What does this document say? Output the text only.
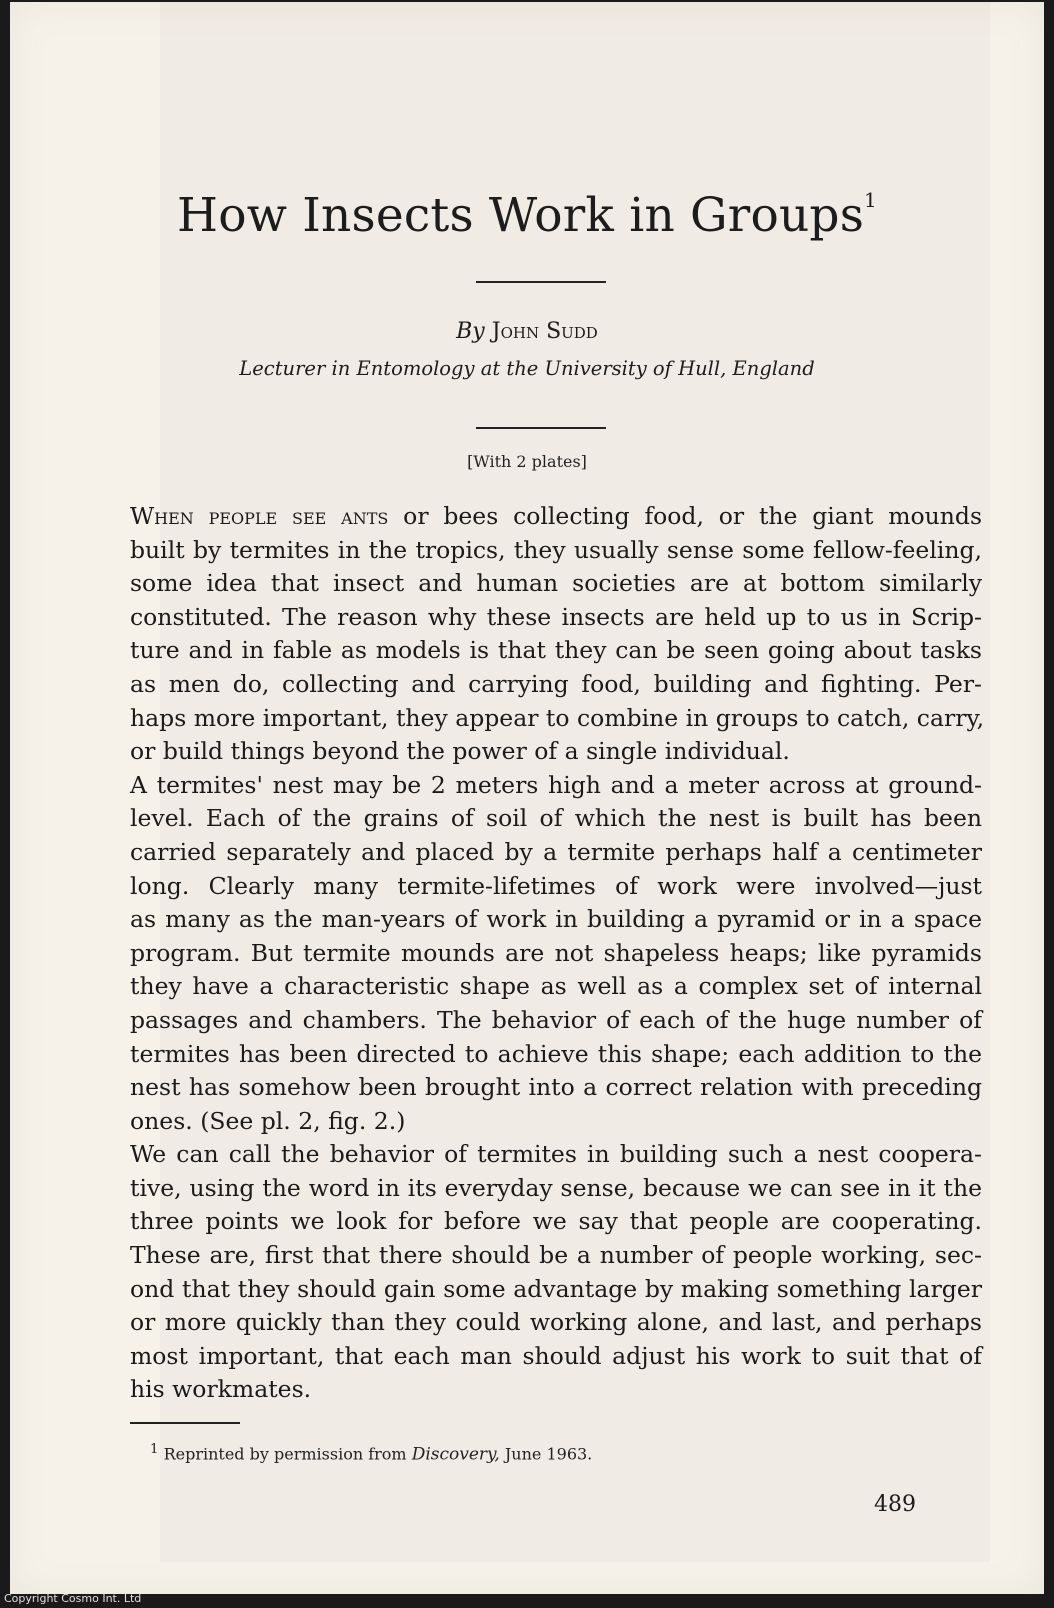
How Insects Work in Groups$^1$
By John Sudd
Lecturer in Entomology at the University of Hull, England
[With 2 plates]

When people see ants or bees collecting food, or the giant mounds
built by termites in the tropics, they usually sense some fellow-feeling,
some idea that insect and human societies are at bottom similarly
constituted. The reason why these insects are held up to us in Scrip-
ture and in fable as models is that they can be seen going about tasks
as men do, collecting and carrying food, building and fighting. Per-
haps more important, they appear to combine in groups to catch, carry,
or build things beyond the power of a single individual.

A termites' nest may be 2 meters high and a meter across at ground-
level. Each of the grains of soil of which the nest is built has been
carried separately and placed by a termite perhaps half a centimeter
long. Clearly many termite-lifetimes of work were involved—just
as many as the man-years of work in building a pyramid or in a space
program. But termite mounds are not shapeless heaps; like pyramids
they have a characteristic shape as well as a complex set of internal
passages and chambers. The behavior of each of the huge number of
termites has been directed to achieve this shape; each addition to the
nest has somehow been brought into a correct relation with preceding
ones. (See pl. 2, fig. 2.)

We can call the behavior of termites in building such a nest coopera-
tive, using the word in its everyday sense, because we can see in it the
three points we look for before we say that people are cooperating.
These are, first that there should be a number of people working, sec-
ond that they should gain some advantage by making something larger
or more quickly than they could working alone, and last, and perhaps
most important, that each man should adjust his work to suit that of
his workmates.

$^1$ Reprinted by permission from Discovery, June 1963.
489
Copyright Cosmo Int. Ltd
